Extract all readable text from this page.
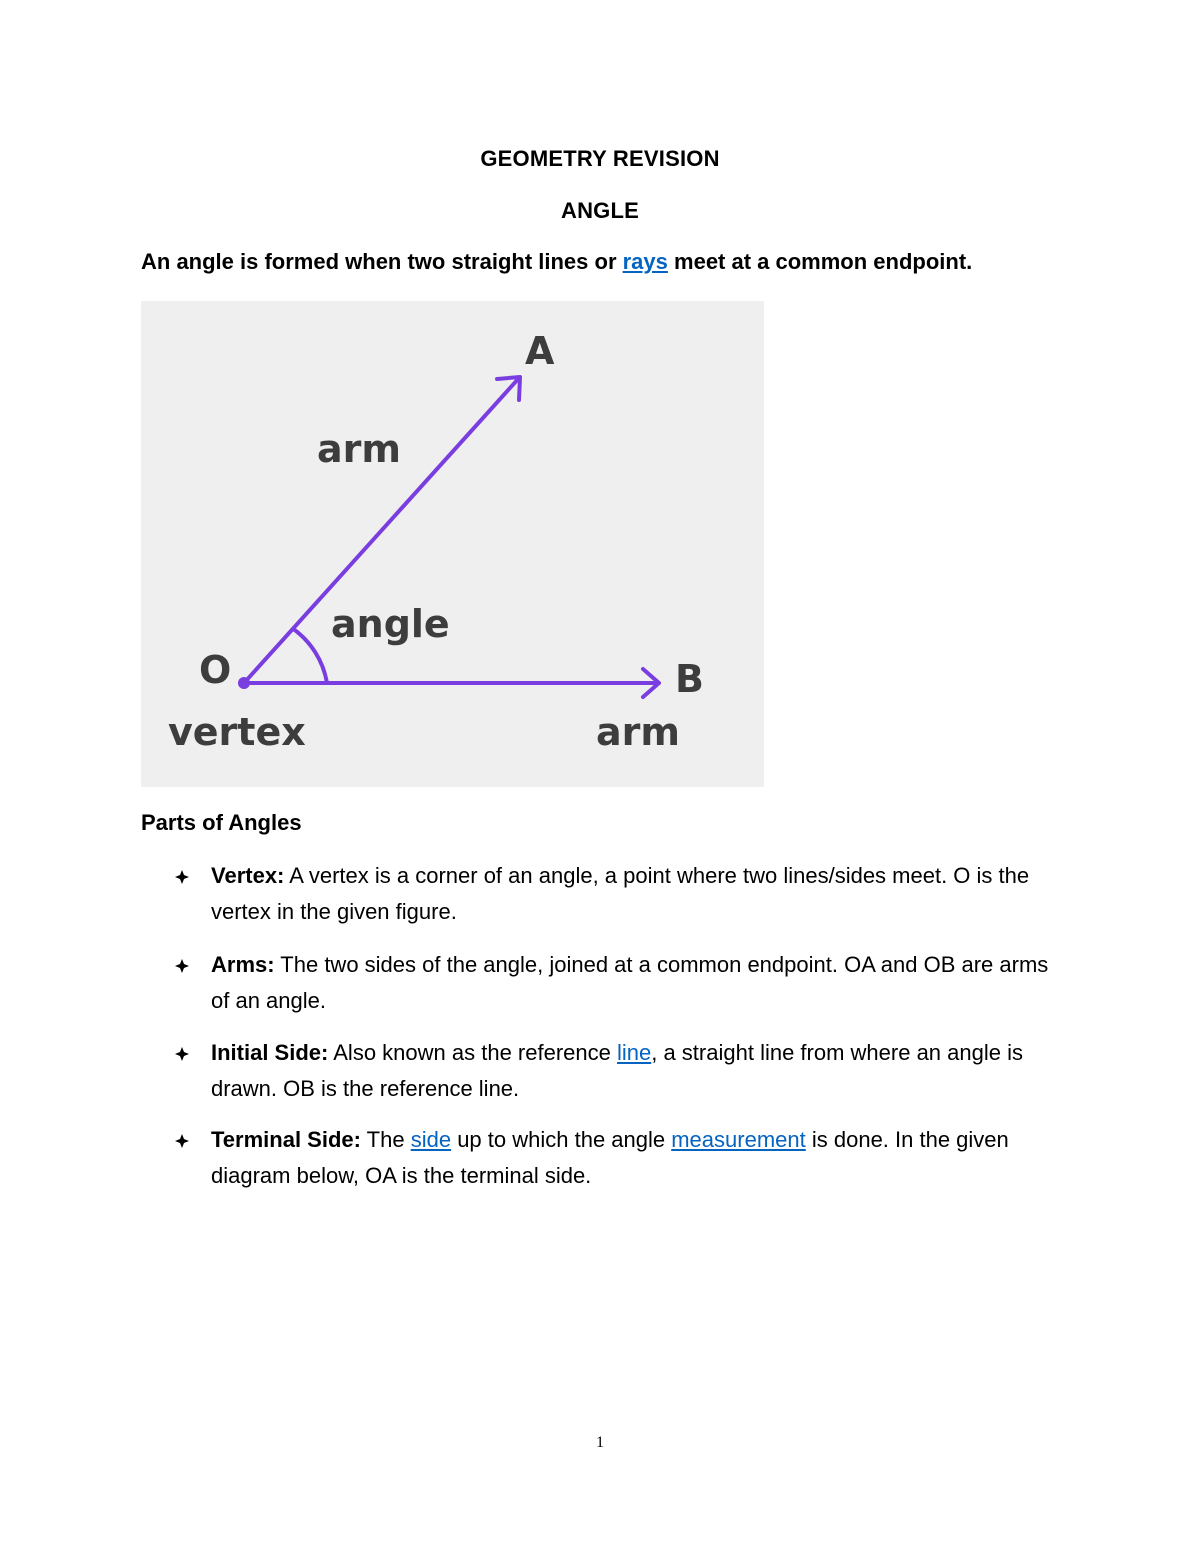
GEOMETRY REVISION
ANGLE
An angle is formed when two straight lines or rays meet at a common endpoint.
A
arm
angle
O	B
vertex	arm
Parts of Angles
Vertex: A vertex is a corner of an angle, a point where two lines/sides meet. O is the vertex in the given figure.
Arms: The two sides of the angle, joined at a common endpoint. OA and OB are arms of an angle.
Initial Side: Also known as the reference line, a straight line from where an angle is drawn. OB is the reference line.
Terminal Side: The side up to which the angle measurement is done. In the given diagram below, OA is the terminal side.
1
